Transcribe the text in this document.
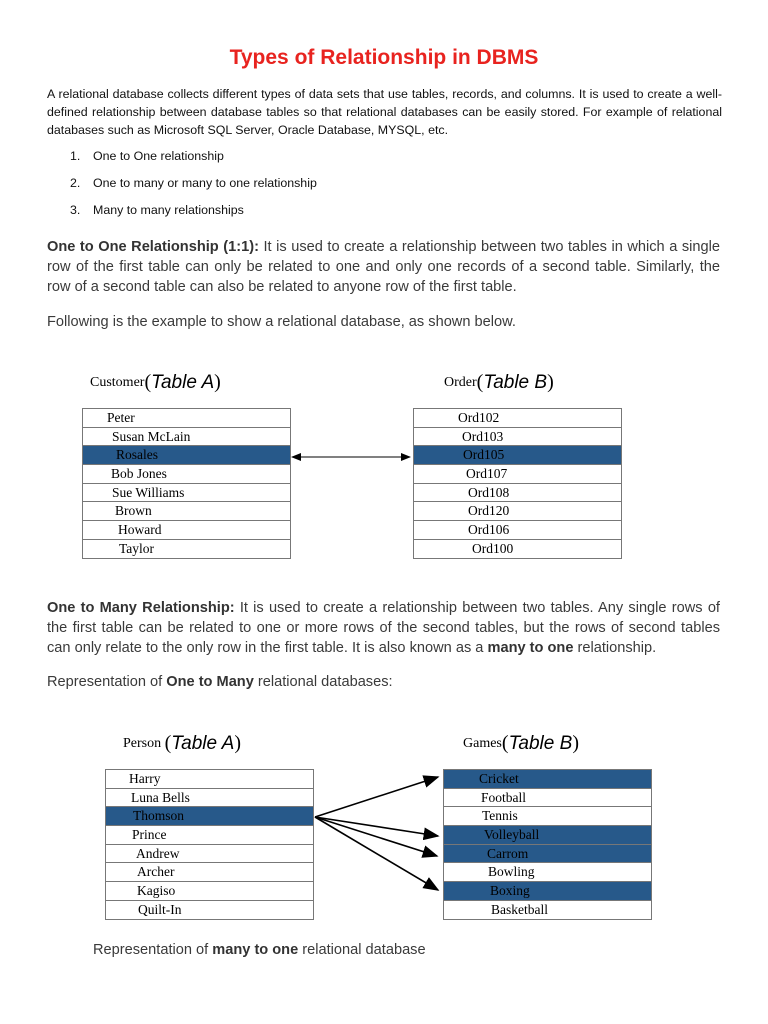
Types of Relationship in DBMS

A relational database collects different types of data sets that use tables, records, and columns. It is used to create a well-defined relationship between database tables so that relational databases can be easily stored. For example of relational databases such as Microsoft SQL Server, Oracle Database, MYSQL, etc.

1. One to One relationship
2. One to many or many to one relationship
3. Many to many relationships

One to One Relationship (1:1): It is used to create a relationship between two tables in which a single row of the first table can only be related to one and only one records of a second table. Similarly, the row of a second table can also be related to anyone row of the first table.

Following is the example to show a relational database, as shown below.

Customer(Table A)	Order(Table B)
Peter
Susan McLain
Rosales
Bob Jones
Sue Williams
Brown
Howard
Taylor
Ord102
Ord103
Ord105
Ord107
Ord108
Ord120
Ord106
Ord100

One to Many Relationship: It is used to create a relationship between two tables. Any single rows of the first table can be related to one or more rows of the second tables, but the rows of second tables can only relate to the only row in the first table. It is also known as a many to one relationship.

Representation of One to Many relational databases:

Person (Table A)	Games(Table B)
Harry
Luna Bells
Thomson
Prince
Andrew
Archer
Kagiso
Quilt-In
Cricket
Football
Tennis
Volleyball
Carrom
Bowling
Boxing
Basketball

Representation of many to one relational database
